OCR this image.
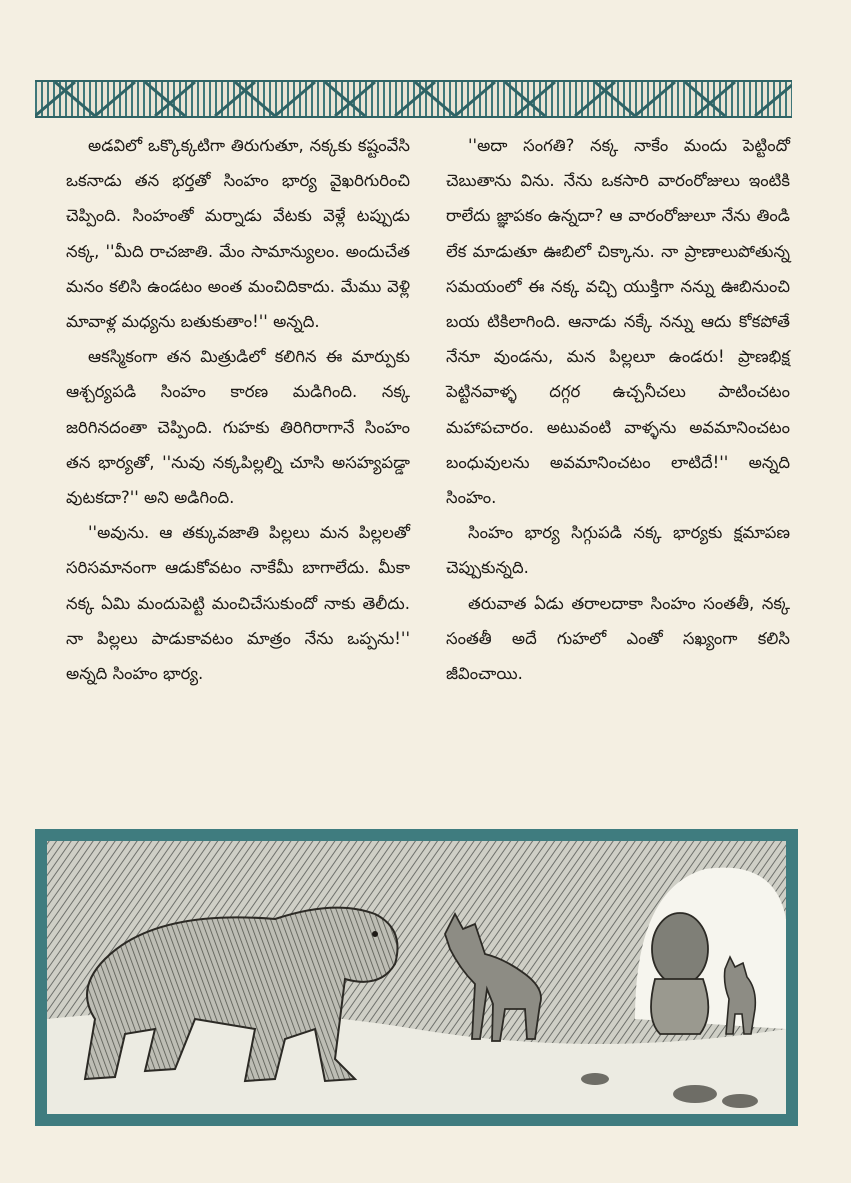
అడవిలో ఒక్కొక్కటిగా తిరుగుతూ, నక్కకు కష్టంవేసి ఒకనాడు తన భర్తతో సింహం భార్య వైఖరిగురించి చెప్పింది. సింహంతో మర్నాడు వేటకు వెళ్లే టప్పుడు నక్క, ''మీది రాచజాతి. మేం సామాన్యులం. అందుచేత మనం కలిసి ఉండటం అంత మంచిదికాదు. మేము వెళ్లి మావాళ్ల మధ్యను బతుకుతాం!'' అన్నది.

ఆకస్మికంగా తన మిత్రుడిలో కలిగిన ఈ మార్పుకు ఆశ్చర్యపడి సింహం కారణ మడిగింది. నక్క జరిగినదంతా చెప్పింది. గుహకు తిరిగిరాగానే సింహం తన భార్యతో, ''నువు నక్కపిల్లల్ని చూసి అసహ్యపడ్డా వుటకదా?'' అని అడిగింది.

''అవును. ఆ తక్కువజాతి పిల్లలు మన పిల్లలతో సరిసమానంగా ఆడుకోవటం నాకేమీ బాగాలేదు. మీకా నక్క ఏమి మందుపెట్టి మంచిచేసుకుందో నాకు తెలీదు. నా పిల్లలు పాడుకావటం మాత్రం నేను ఒప్పను!'' అన్నది సింహం భార్య.

''అదా సంగతి? నక్క నాకేం మందు పెట్టిందో చెబుతాను విను. నేను ఒకసారి వారంరోజులు ఇంటికి రాలేదు జ్ఞాపకం ఉన్నదా? ఆ వారంరోజులూ నేను తిండి లేక మాడుతూ ఊబిలో చిక్కాను. నా ప్రాణాలుపోతున్న సమయంలో ఈ నక్క వచ్చి యుక్తిగా నన్ను ఊబినుంచి బయ టికిలాగింది. ఆనాడు నక్కే నన్ను ఆదు కోకపోతే నేనూ వుండను, మన పిల్లలూ ఉండరు! ప్రాణభిక్ష పెట్టినవాళ్ళ దగ్గర ఉచ్చనీచలు పాటించటం మహాపచారం. అటువంటి వాళ్ళను అవమానించటం బంధువులను అవమానించటం లాటిదే!'' అన్నది సింహం.

సింహం భార్య సిగ్గుపడి నక్క భార్యకు క్షమాపణ చెప్పుకున్నది.

తరువాత ఏడు తరాలదాకా సింహం సంతతీ, నక్క సంతతీ అదే గుహలో ఎంతో సఖ్యంగా కలిసి జీవించాయి.
